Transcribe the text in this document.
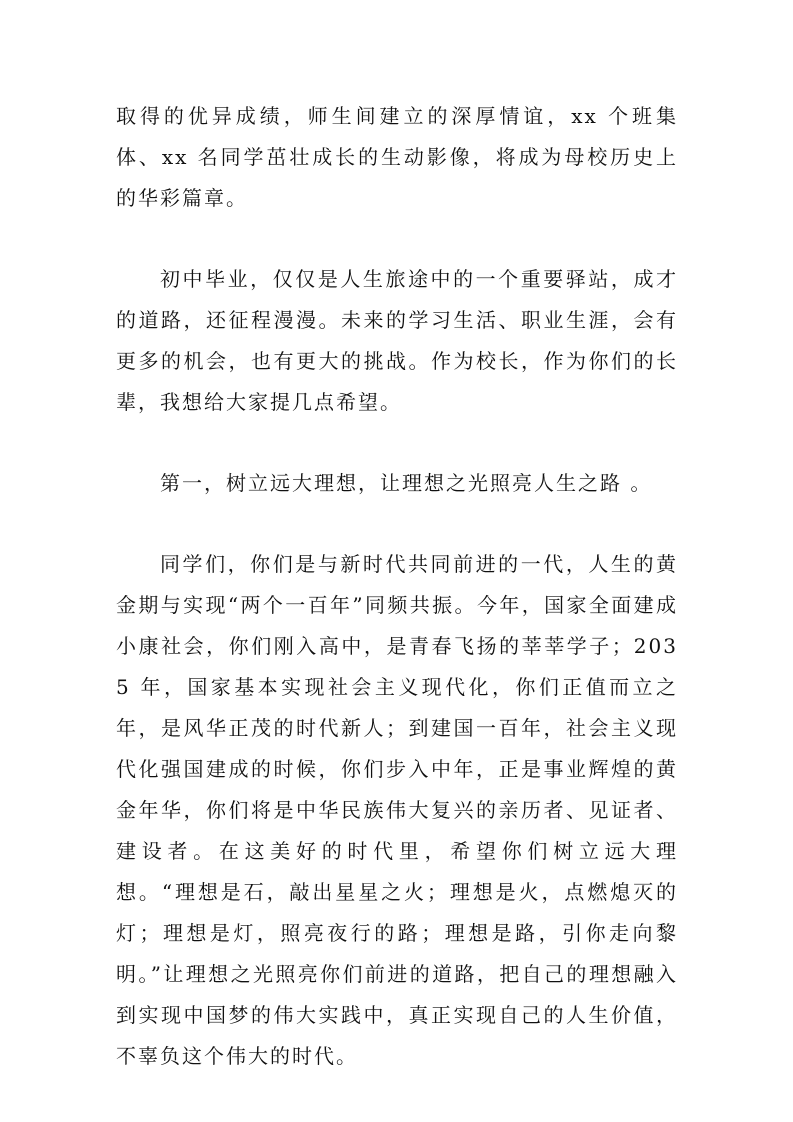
取得的优异成绩，师生间建立的深厚情谊，xx 个班集体、xx 名同学茁壮成长的生动影像，将成为母校历史上的华彩篇章。

初中毕业，仅仅是人生旅途中的一个重要驿站，成才的道路，还征程漫漫。未来的学习生活、职业生涯，会有更多的机会，也有更大的挑战。作为校长，作为你们的长辈，我想给大家提几点希望。

第一，树立远大理想，让理想之光照亮人生之路 。

同学们，你们是与新时代共同前进的一代，人生的黄金期与实现“两个一百年”同频共振。今年，国家全面建成小康社会，你们刚入高中，是青春飞扬的莘莘学子；2035 年，国家基本实现社会主义现代化，你们正值而立之年，是风华正茂的时代新人；到建国一百年，社会主义现代化强国建成的时候，你们步入中年，正是事业辉煌的黄金年华，你们将是中华民族伟大复兴的亲历者、见证者、建设者。在这美好的时代里，希望你们树立远大理想。“理想是石，敲出星星之火；理想是火，点燃熄灭的灯；理想是灯，照亮夜行的路；理想是路，引你走向黎明。”让理想之光照亮你们前进的道路，把自己的理想融入到实现中国梦的伟大实践中，真正实现自己的人生价值，不辜负这个伟大的时代。
